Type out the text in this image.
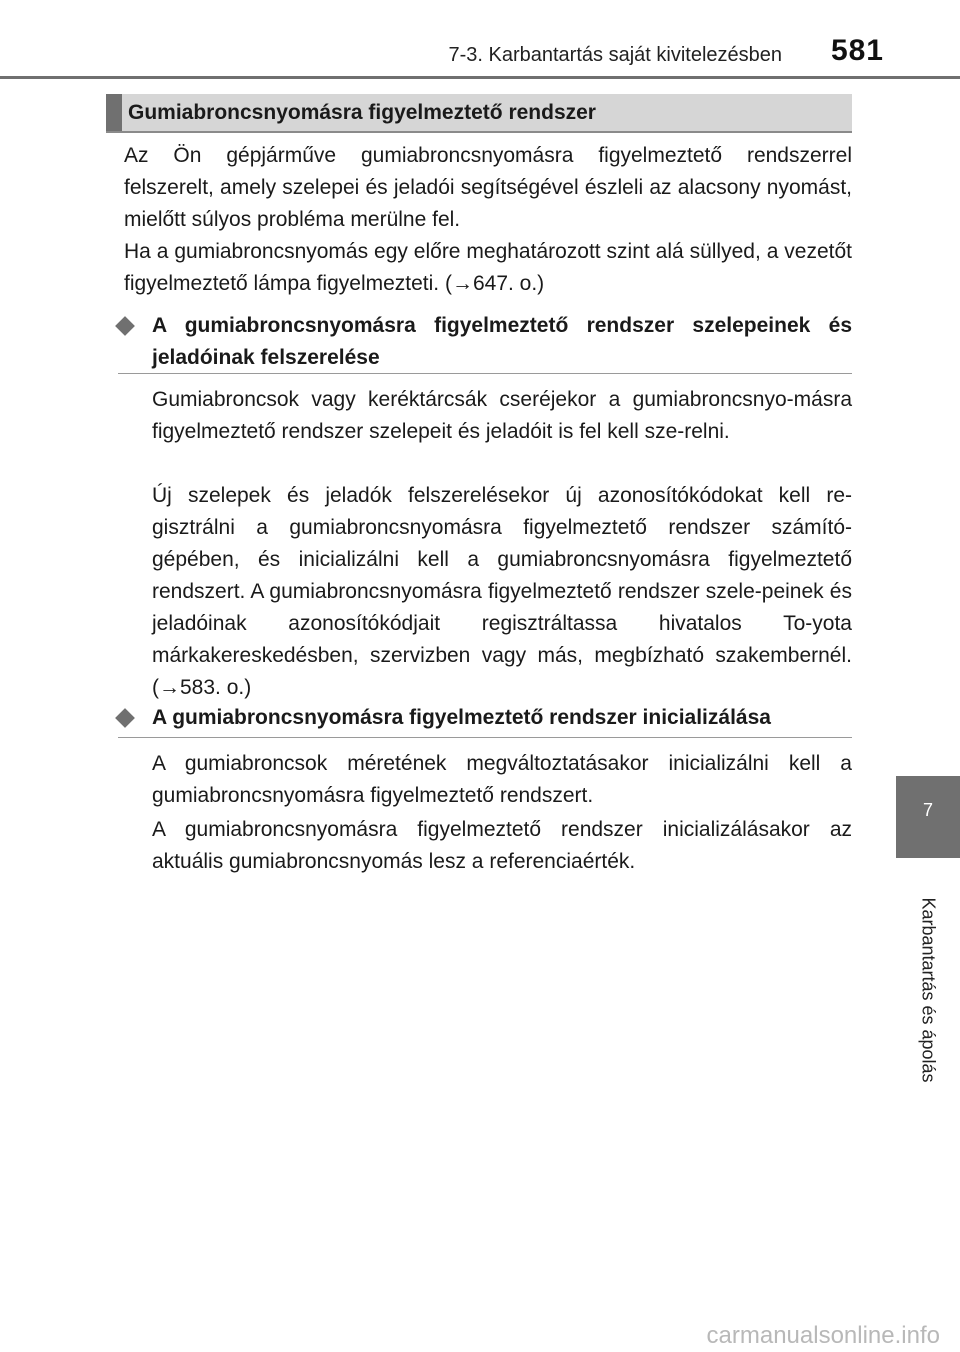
7-3. Karbantartás saját kivitelezésben 581
Gumiabroncsnyomásra figyelmeztető rendszer

Az Ön gépjárműve gumiabroncsnyomásra figyelmeztető rendszerrel felszerelt, amely szelepei és jeladói segítségével észleli az alacsony nyomást, mielőtt súlyos probléma merülne fel.

Ha a gumiabroncsnyomás egy előre meghatározott szint alá süllyed, a vezetőt figyelmeztető lámpa figyelmezteti. (→647. o.)

A gumiabroncsnyomásra figyelmeztető rendszer szelepeinek és jeladóinak felszerelése

Gumiabroncsok vagy keréktárcsák cseréjekor a gumiabroncsnyo-másra figyelmeztető rendszer szelepeit és jeladóit is fel kell sze-relni.

Új szelepek és jeladók felszerelésekor új azonosítókódokat kell re-gisztrálni a gumiabroncsnyomásra figyelmeztető rendszer számító-gépében, és inicializálni kell a gumiabroncsnyomásra figyelmeztető rendszert. A gumiabroncsnyomásra figyelmeztető rendszer szele-peinek és jeladóinak azonosítókódjait regisztráltassa hivatalos To-yota márkakereskedésben, szervizben vagy más, megbízható szakembernél. (→583. o.)

A gumiabroncsnyomásra figyelmeztető rendszer inicializálása

A gumiabroncsok méretének megváltoztatásakor inicializálni kell a gumiabroncsnyomásra figyelmeztető rendszert.

A gumiabroncsnyomásra figyelmeztető rendszer inicializálásakor az aktuális gumiabroncsnyomás lesz a referenciaérték.

7
Karbantartás és ápolás
carmanualsonline.info
